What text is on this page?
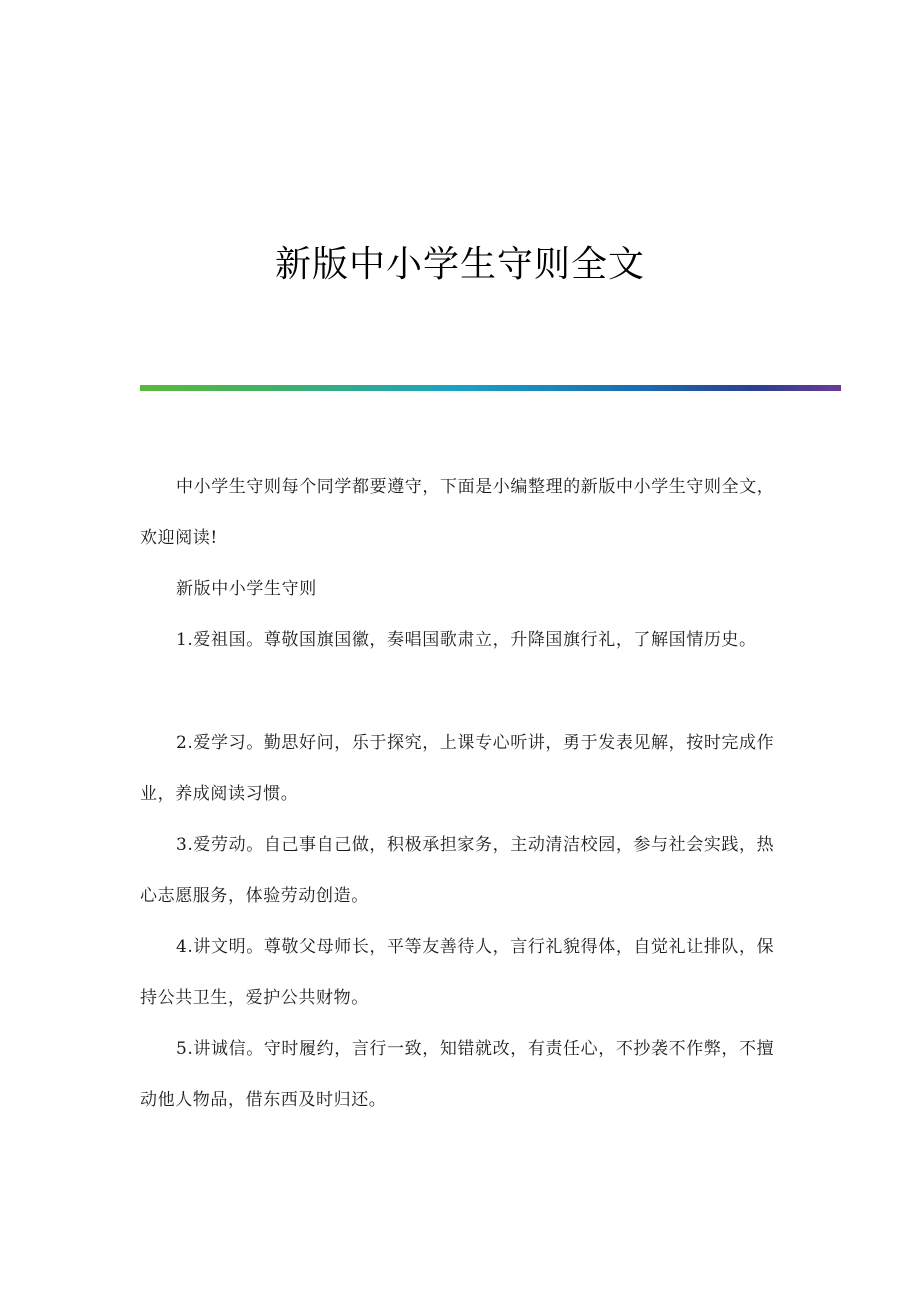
新版中小学生守则全文

中小学生守则每个同学都要遵守，下面是小编整理的新版中小学生守则全文，欢迎阅读!

新版中小学生守则

1.爱祖国。尊敬国旗国徽，奏唱国歌肃立，升降国旗行礼，了解国情历史。

2.爱学习。勤思好问，乐于探究，上课专心听讲，勇于发表见解，按时完成作业，养成阅读习惯。

3.爱劳动。自己事自己做，积极承担家务，主动清洁校园，参与社会实践，热心志愿服务，体验劳动创造。

4.讲文明。尊敬父母师长，平等友善待人，言行礼貌得体，自觉礼让排队，保持公共卫生，爱护公共财物。

5.讲诚信。守时履约，言行一致，知错就改，有责任心，不抄袭不作弊，不擅动他人物品，借东西及时归还。
